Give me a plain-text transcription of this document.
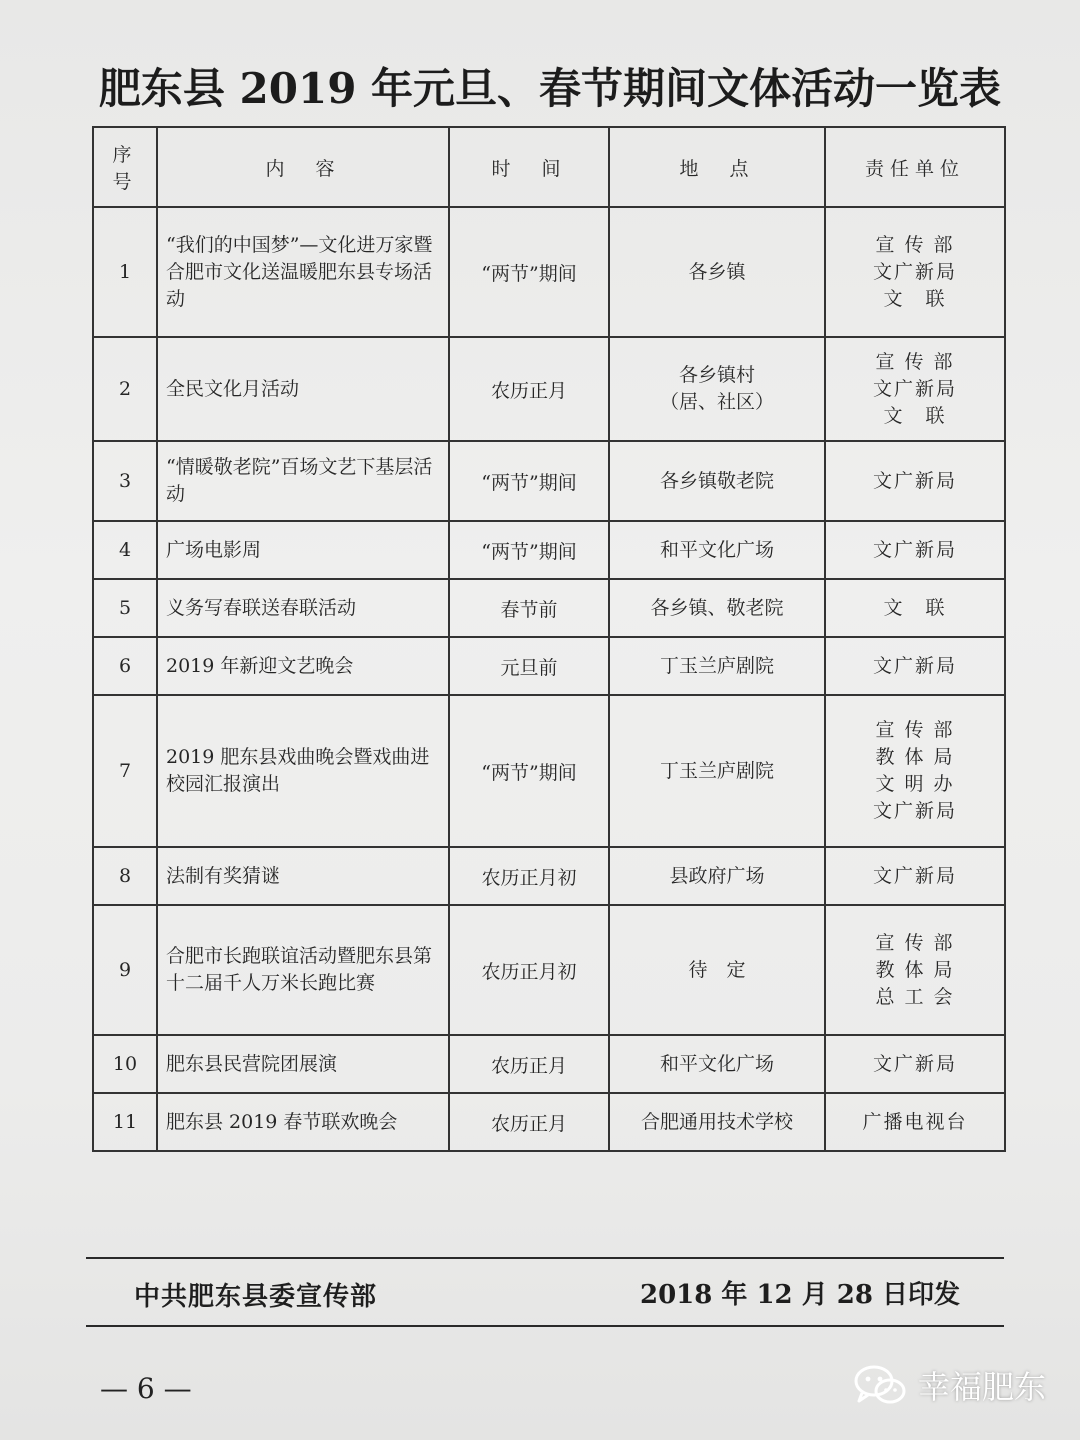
肥东县 2019 年元旦、春节期间文体活动一览表
序号	内　容	时　间	地　点	责任单位
1	“我们的中国梦”—文化进万家暨合肥市文化送温暖肥东县专场活动	“两节”期间	各乡镇	宣 传 部
文广新局
文　联

2	全民文化月活动	农历正月	各乡镇村
（居、社区）	宣 传 部
文广新局
文　联

3	“情暖敬老院”百场文艺下基层活动	“两节”期间	各乡镇敬老院	文广新局

4	广场电影周	“两节”期间	和平文化广场	文广新局

5	义务写春联送春联活动	春节前	各乡镇、敬老院	文　联

6	2019 年新迎文艺晚会	元旦前	丁玉兰庐剧院	文广新局

7	2019 肥东县戏曲晚会暨戏曲进校园汇报演出	“两节”期间	丁玉兰庐剧院	宣 传 部
教 体 局
文 明 办
文广新局

8	法制有奖猜谜	农历正月初	县政府广场	文广新局

9	合肥市长跑联谊活动暨肥东县第十二届千人万米长跑比赛	农历正月初	待　定	宣 传 部
教 体 局
总 工 会

10	肥东县民营院团展演	农历正月	和平文化广场	文广新局

11	肥东县 2019 春节联欢晚会	农历正月	合肥通用技术学校	广播电视台
中共肥东县委宣传部	2018 年 12 月 28 日印发
— 6 —	幸福肥东
